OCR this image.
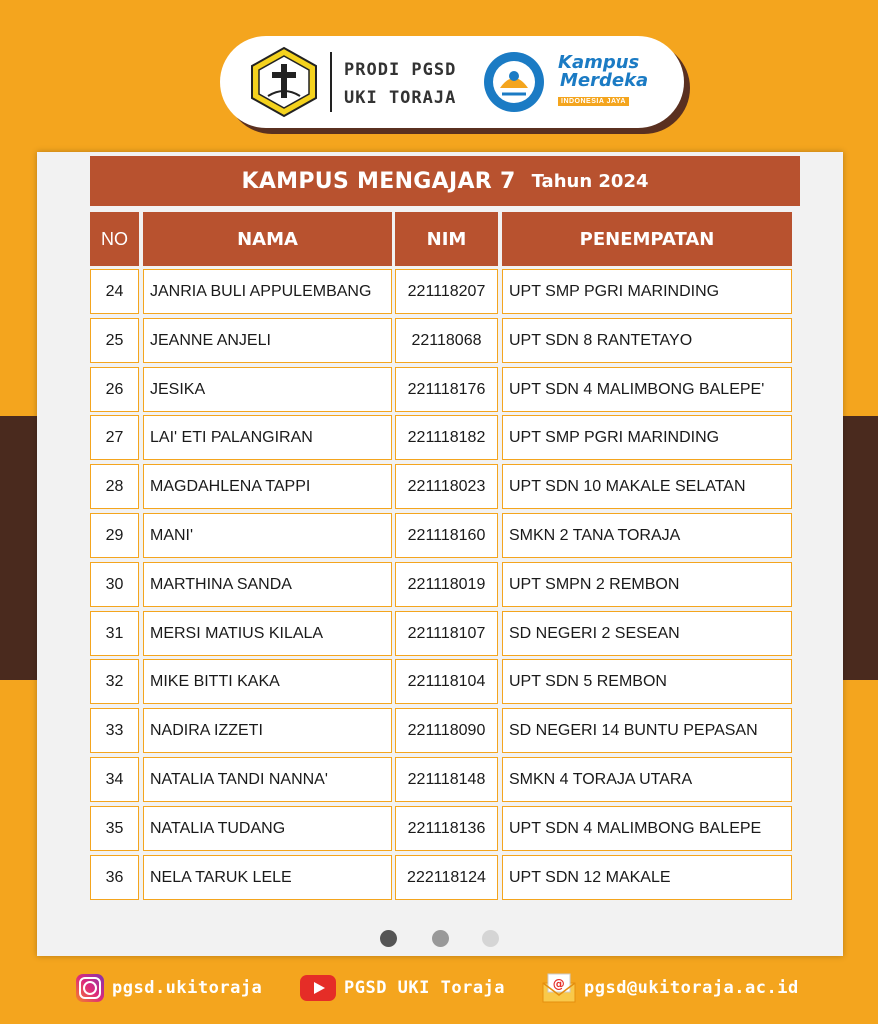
PRODI PGSD
UKI TORAJA
Kampus
Merdeka
INDONESIA JAYA
KAMPUS MENGAJAR 7 Tahun 2024
NO	NAMA	NIM	PENEMPATAN
24	JANRIA BULI APPULEMBANG	221118207	UPT SMP PGRI MARINDING
25	JEANNE ANJELI	22118068	UPT SDN 8 RANTETAYO
26	JESIKA	221118176	UPT SDN 4 MALIMBONG BALEPE'
27	LAI' ETI PALANGIRAN	221118182	UPT SMP PGRI MARINDING
28	MAGDAHLENA TAPPI	221118023	UPT SDN 10 MAKALE SELATAN
29	MANI'	221118160	SMKN 2 TANA TORAJA
30	MARTHINA SANDA	221118019	UPT SMPN 2 REMBON
31	MERSI MATIUS KILALA	221118107	SD NEGERI 2 SESEAN
32	MIKE BITTI KAKA	221118104	UPT SDN 5 REMBON
33	NADIRA IZZETI	221118090	SD NEGERI 14 BUNTU PEPASAN
34	NATALIA TANDI NANNA'	221118148	SMKN 4 TORAJA UTARA
35	NATALIA TUDANG	221118136	UPT SDN 4 MALIMBONG BALEPE
36	NELA TARUK LELE	222118124	UPT SDN 12 MAKALE
pgsd.ukitoraja	PGSD UKI Toraja	@ pgsd@ukitoraja.ac.id
